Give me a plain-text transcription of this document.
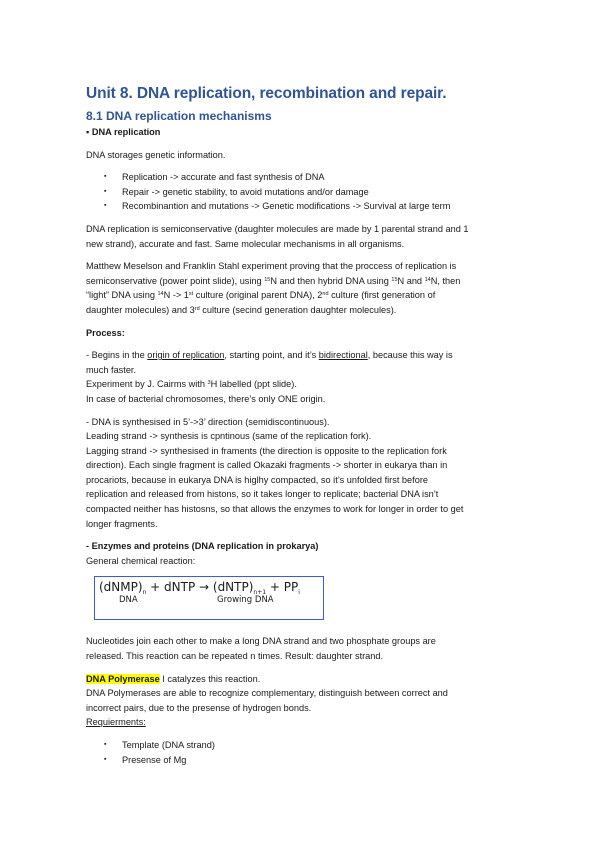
Unit 8. DNA replication, recombination and repair.
8.1 DNA replication mechanisms

▪ DNA replication

DNA storages genetic information.

▪ Replication -> accurate and fast synthesis of DNA
▪ Repair -> genetic stability, to avoid mutations and/or damage
▪ Recombinantion and mutations -> Genetic modifications -> Survival at large term

DNA replication is semiconservative (daughter molecules are made by 1 parental strand and 1
new strand), accurate and fast. Same molecular mechanisms in all organisms.

Matthew Meselson and Franklin Stahl experiment proving that the proccess of replication is
semiconservative (power point slide), using $^{15}$N and then hybrid DNA using $^{15}$N and $^{14}$N, then
“light” DNA using $^{14}$N -> 1st culture (original parent DNA), 2nd culture (first generation of
daughter molecules) and 3rd culture (secind generation daughter molecules).

Process:

- Begins in the origin of replication, starting point, and it’s bidirectional, because this way is
much faster.
Experiment by J. Cairms with $^3$H labelled (ppt slide).
In case of bacterial chromosomes, there’s only ONE origin.

- DNA is synthesised in 5’->3’ direction (semidiscontinuous).
Leading strand -> synthesis is cpntinous (same of the replication fork).
Lagging strand -> synthesised in framents (the direction is opposite to the replication fork
direction). Each single fragment is called Okazaki fragments -> shorter in eukarya than in
procariots, because in eukarya DNA is higlhy compacted, so it’s unfolded first before
replication and released from histons, so it takes longer to replicate; bacterial DNA isn’t
compacted neither has histosns, so that allows the enzymes to work for longer in order to get
longer fragments.

- Enzymes and proteins (DNA replication in prokarya)
General chemical reaction:

$(dNMP)_n$ + dNTP → $(dNTP)_{n+1} + PP_i$
DNA	Growing DNA

Nucleotides join each other to make a long DNA strand and two phosphate groups are
released. This reaction can be repeated n times. Result: daughter strand.

DNA Polymerase I catalyzes this reaction.
DNA Polymerases are able to recognize complementary, distinguish between correct and
incorrect pairs, due to the presense of hydrogen bonds.
Requierments:

▪ Template (DNA strand)
▪ Presense of Mg
